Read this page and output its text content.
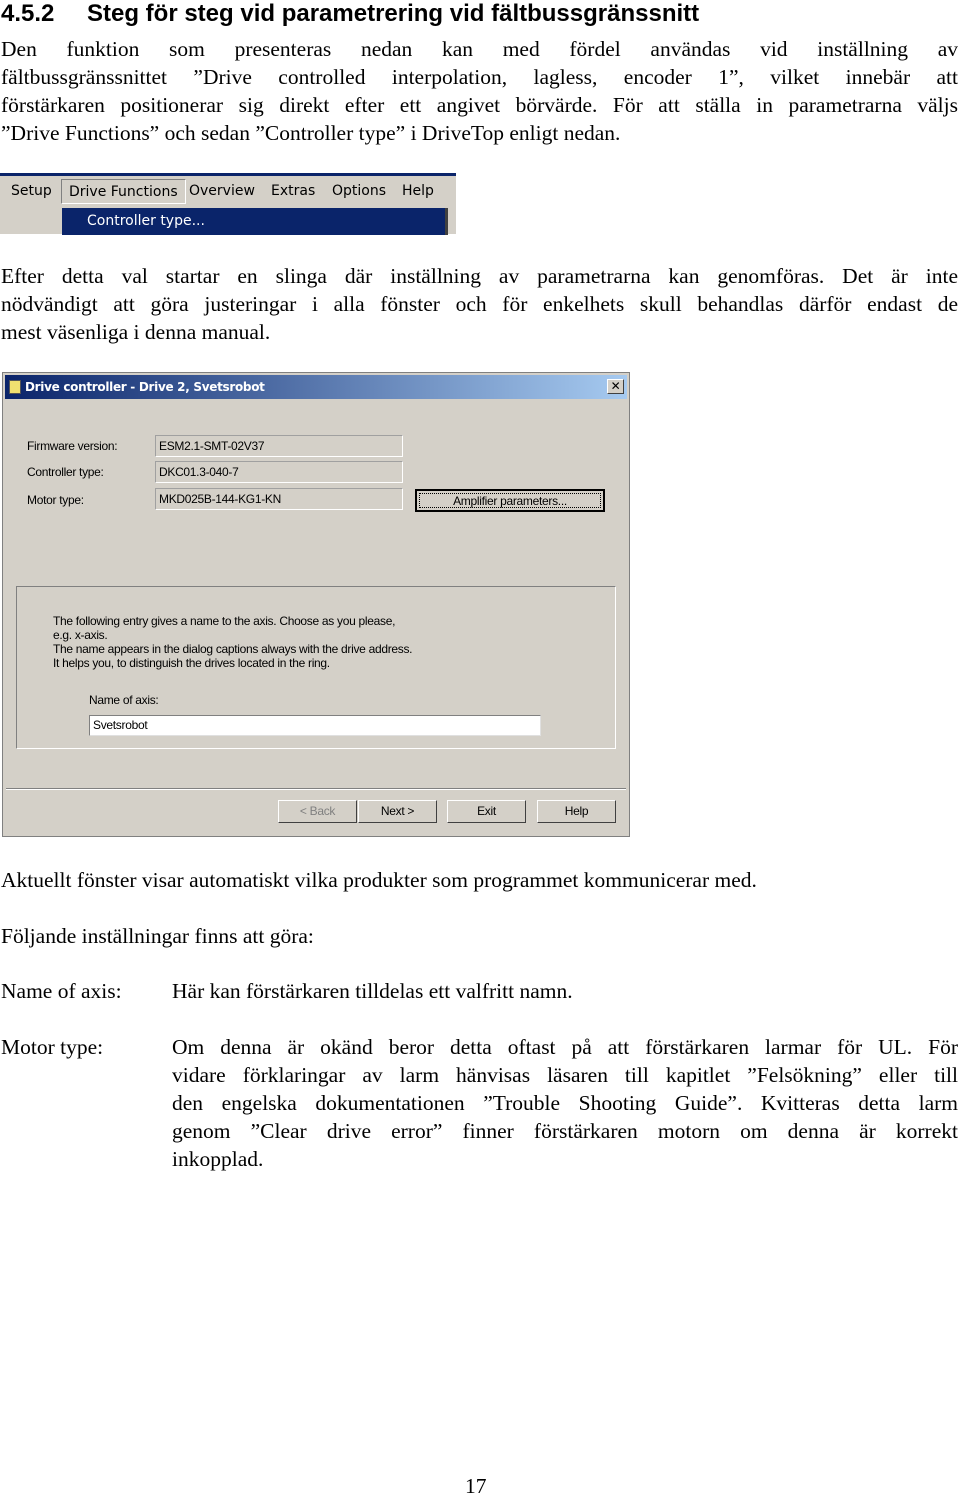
4.5.2 Steg för steg vid parametrering vid fältbussgränssnitt
Den funktion som presenteras nedan kan med fördel användas vid inställning av
fältbussgränssnittet ”Drive controlled interpolation, lagless, encoder 1”, vilket innebär att
förstärkaren positionerar sig direkt efter ett angivet börvärde. För att ställa in parametrarna väljs
”Drive Functions” och sedan ”Controller type” i DriveTop enligt nedan.
Setup	Drive Functions Overview	Extras	Options	Help
Controller type...
Efter detta val startar en slinga där inställning av parametrarna kan genomföras. Det är inte
nödvändigt att göra justeringar i alla fönster och för enkelhets skull behandlas därför endast de
mest väsenliga i denna manual.
Drive controller - Drive 2, Svetsrobot	✕
Firmware version:	ESM2.1-SMT-02V37
Controller type:	DKC01.3-040-7
Motor type:	MKD025B-144-KG1-KN	Amplifier parameters...
The following entry gives a name to the axis. Choose as you please,
e.g. x-axis.
The name appears in the dialog captions always with the drive address.
It helps you, to distinguish the drives located in the ring.
Name of axis:
Svetsrobot
< Back	Next >	Exit	Help
Aktuellt fönster visar automatiskt vilka produkter som programmet kommunicerar med.
Följande inställningar finns att göra:
Name of axis: Här kan förstärkaren tilldelas ett valfritt namn.
Motor type:	Om denna är okänd beror detta oftast på att förstärkaren larmar för UL. För
vidare förklaringar av larm hänvisas läsaren till kapitlet ”Felsökning” eller till
den engelska dokumentationen ”Trouble Shooting Guide”. Kvitteras detta larm
genom ”Clear drive error” finner förstärkaren motorn om denna är korrekt
inkopplad.
17
